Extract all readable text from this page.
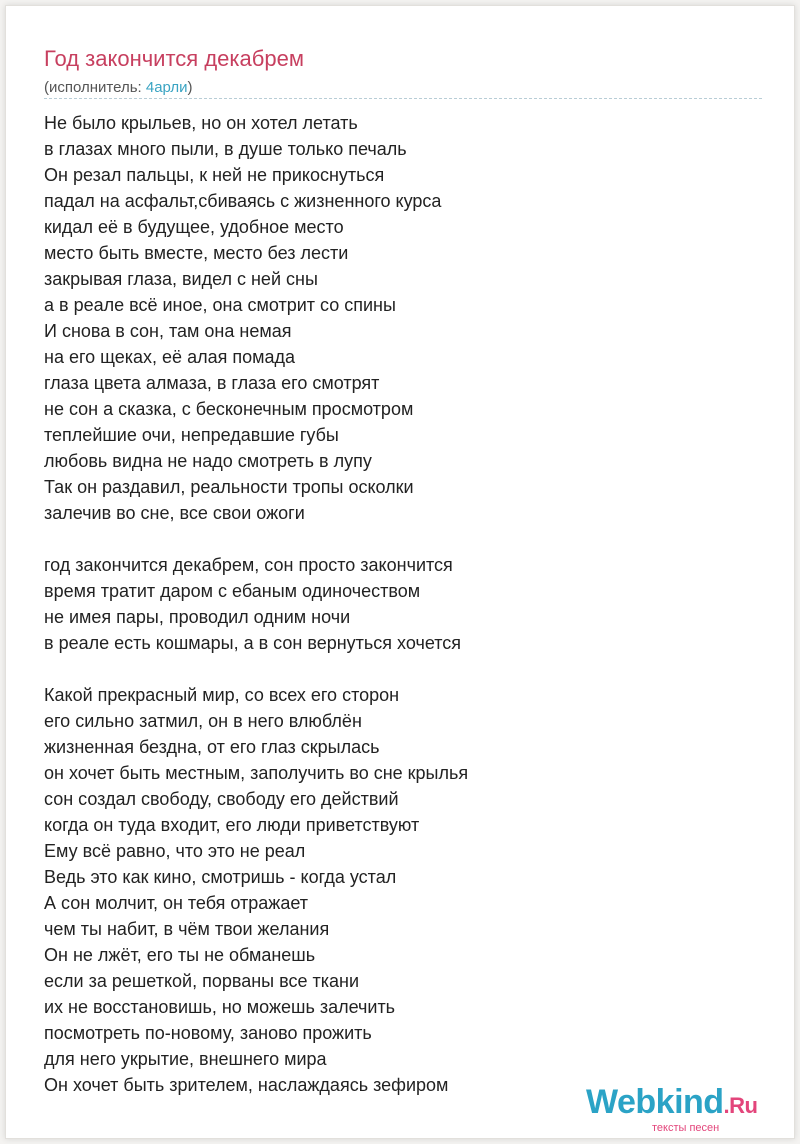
Год закончится декабрем
(исполнитель: 4арли)
Не было крыльев, но он хотел летать
в глазах много пыли, в душе только печаль
Он резал пальцы, к ней не прикоснуться
падал на асфальт,сбиваясь с жизненного курса
кидал её в будущее, удобное место
место быть вместе, место без лести
закрывая глаза, видел с ней сны
а в реале всё иное, она смотрит со спины
И снова в сон, там она немая
на его щеках, её алая помада
глаза цвета алмаза, в глаза его смотрят
не сон а сказка, с бесконечным просмотром
теплейшие очи, непредавшие губы
любовь видна не надо смотреть в лупу
Так он раздавил, реальности тропы осколки
залечив во сне, все свои ожоги
год закончится декабрем, сон просто закончится
время тратит даром с ебаным одиночеством
не имея пары, проводил одним ночи
в реале есть кошмары, а в сон вернуться хочется
Какой прекрасный мир, со всех его сторон
его сильно затмил, он в него влюблён
жизненная бездна, от его глаз скрылась
он хочет быть местным, заполучить во сне крылья
сон создал свободу, свободу его действий
когда он туда входит, его люди приветствуют
Ему всё равно, что это не реал
Ведь это как кино, смотришь - когда устал
А сон молчит, он тебя отражает
чем ты набит, в чём твои желания
Он не лжёт, его ты не обманешь
если за решеткой, порваны все ткани
их не восстановишь, но можешь залечить
посмотреть по-новому, заново прожить
для него укрытие, внешнего мира
Он хочет быть зрителем, наслаждаясь зефиром	Webkind.Ru
тексты песен
